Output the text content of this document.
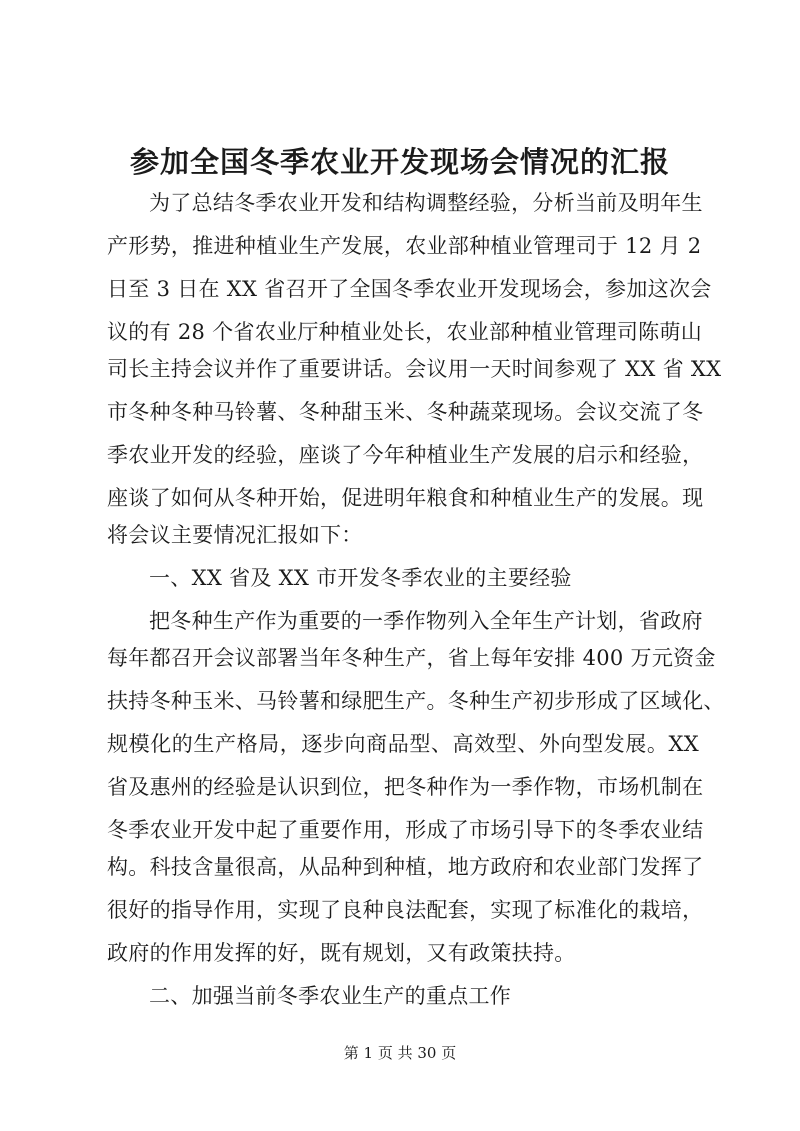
参加全国冬季农业开发现场会情况的汇报
为了总结冬季农业开发和结构调整经验，分析当前及明年生
产形势，推进种植业生产发展，农业部种植业管理司于 12 月 2
日至 3 日在 XX 省召开了全国冬季农业开发现场会，参加这次会
议的有 28 个省农业厅种植业处长，农业部种植业管理司陈萌山
司长主持会议并作了重要讲话。会议用一天时间参观了 XX 省 XX
市冬种冬种马铃薯、冬种甜玉米、冬种蔬菜现场。会议交流了冬
季农业开发的经验，座谈了今年种植业生产发展的启示和经验，
座谈了如何从冬种开始，促进明年粮食和种植业生产的发展。现
将会议主要情况汇报如下：
一、XX 省及 XX 市开发冬季农业的主要经验
把冬种生产作为重要的一季作物列入全年生产计划，省政府
每年都召开会议部署当年冬种生产，省上每年安排 400 万元资金
扶持冬种玉米、马铃薯和绿肥生产。冬种生产初步形成了区域化、
规模化的生产格局，逐步向商品型、高效型、外向型发展。XX
省及惠州的经验是认识到位，把冬种作为一季作物，市场机制在
冬季农业开发中起了重要作用，形成了市场引导下的冬季农业结
构。科技含量很高，从品种到种植，地方政府和农业部门发挥了
很好的指导作用，实现了良种良法配套，实现了标准化的栽培，
政府的作用发挥的好，既有规划，又有政策扶持。
二、加强当前冬季农业生产的重点工作
第 1 页 共 30 页
